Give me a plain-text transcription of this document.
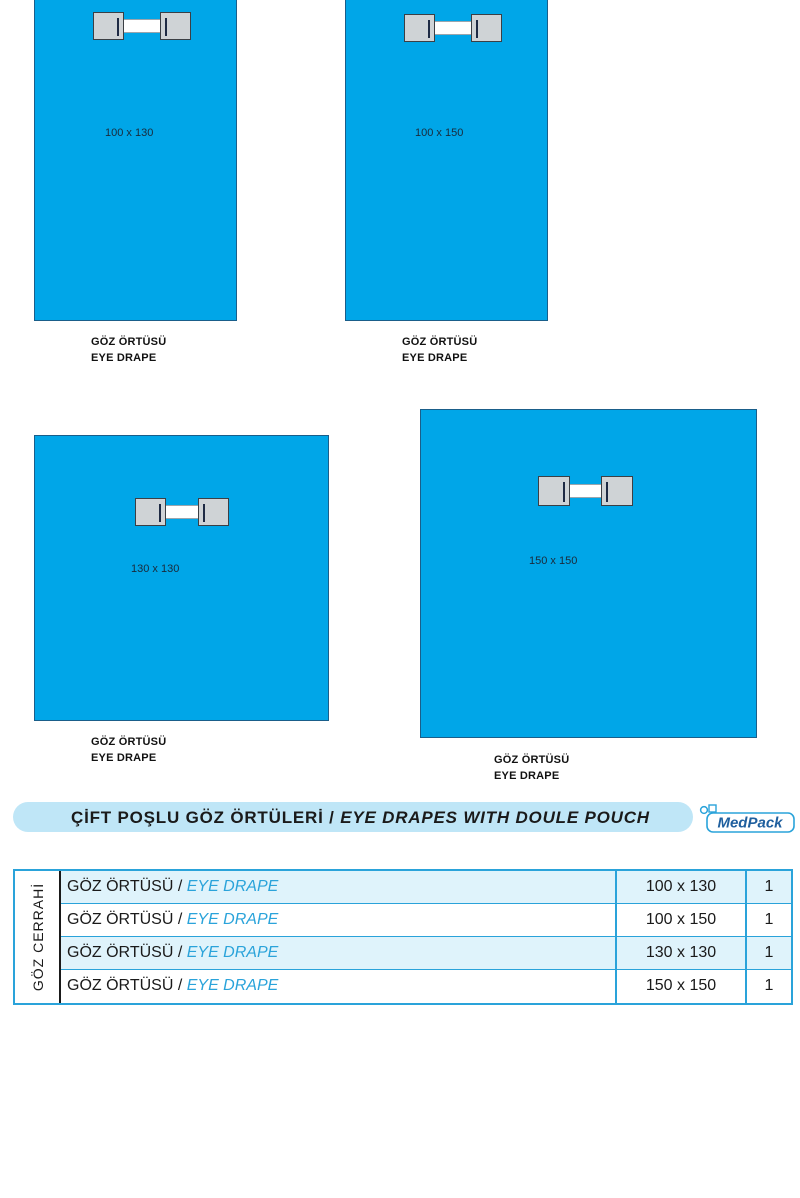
100 x 130
GÖZ ÖRTÜSÜ
EYE DRAPE
100 x 150
GÖZ ÖRTÜSÜ
EYE DRAPE
130 x 130
GÖZ ÖRTÜSÜ
EYE DRAPE
150 x 150
GÖZ ÖRTÜSÜ
EYE DRAPE
ÇİFT POŞLU GÖZ ÖRTÜLERİ / EYE DRAPES WITH DOULE POUCH	MedPack
GÖZ CERRAHİ	GÖZ ÖRTÜSÜ / EYE DRAPE	100 x 130	1
GÖZ ÖRTÜSÜ / EYE DRAPE	100 x 150	1
GÖZ ÖRTÜSÜ / EYE DRAPE	130 x 130	1
GÖZ ÖRTÜSÜ / EYE DRAPE	150 x 150	1
